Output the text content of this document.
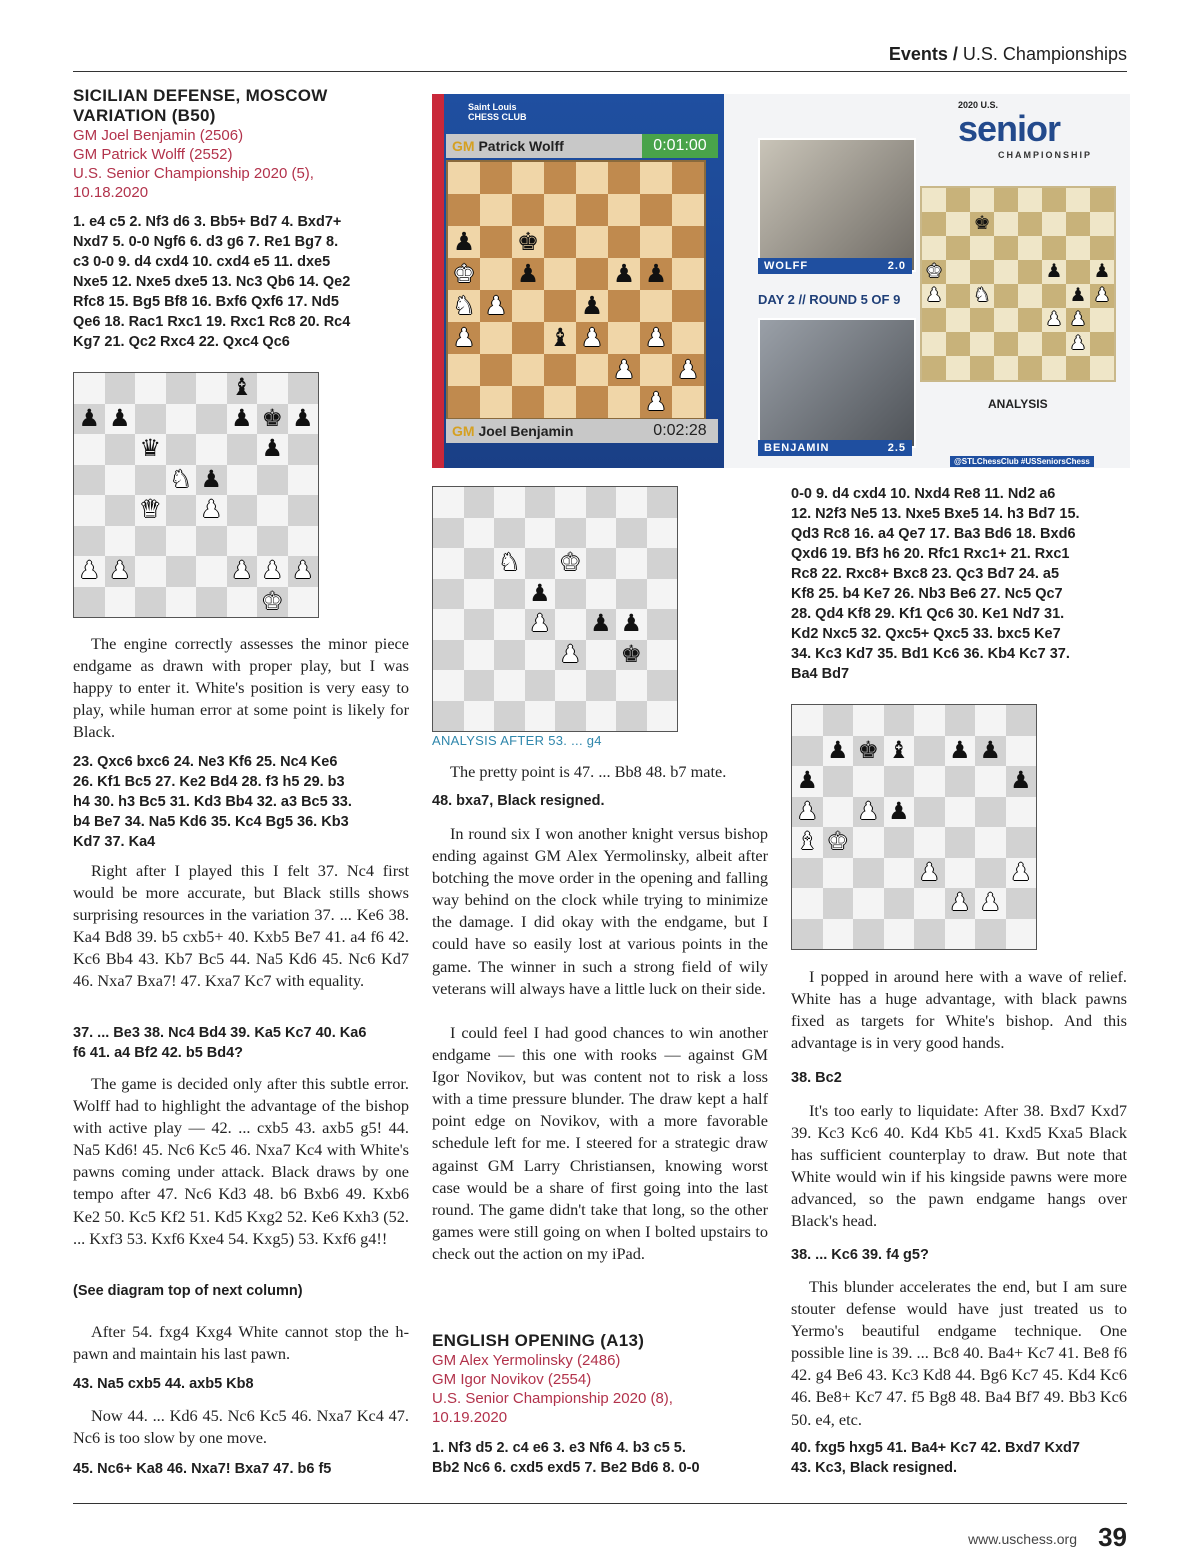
Events / U.S. Championships
SICILIAN DEFENSE, MOSCOW
VARIATION (B50)
GM Joel Benjamin (2506)
GM Patrick Wolff (2552)
U.S. Senior Championship 2020 (5),
10.18.2020
1. e4 c5 2. Nf3 d6 3. Bb5+ Bd7 4. Bxd7+
Nxd7 5. 0-0 Ngf6 6. d3 g6 7. Re1 Bg7 8.
c3 0-0 9. d4 cxd4 10. cxd4 e5 11. dxe5
Nxe5 12. Nxe5 dxe5 13. Nc3 Qb6 14. Qe2
Rfc8 15. Bg5 Bf8 16. Bxf6 Qxf6 17. Nd5
Qe6 18. Rac1 Rxc1 19. Rxc1 Rc8 20. Rc4
Kg7 21. Qc2 Rxc4 22. Qxc4 Qc6
♝
♟ ♟	♟ ♚ ♟
♛	♟
♞ ♟
♛ ♟
♟ ♟	♟ ♟ ♟
♚
The engine correctly assesses the minor piece endgame as drawn with proper play, but I was happy to enter it. White's position is very easy to play, while human error at some point is likely for Black.
23. Qxc6 bxc6 24. Ne3 Kf6 25. Nc4 Ke6
26. Kf1 Bc5 27. Ke2 Bd4 28. f3 h5 29. b3
h4 30. h3 Bc5 31. Kd3 Bb4 32. a3 Bc5 33.
b4 Be7 34. Na5 Kd6 35. Kc4 Bg5 36. Kb3
Kd7 37. Ka4
Right after I played this I felt 37. Nc4 first would be more accurate, but Black stills shows surprising resources in the variation 37. ... Ke6 38. Ka4 Bd8 39. b5 cxb5+ 40. Kxb5 Be7 41. a4 f6 42. Kc6 Bb4 43. Kb7 Bc5 44. Na5 Kd6 45. Nc6 Kd7 46. Nxa7 Bxa7! 47. Kxa7 Kc7 with equality.
37. ... Be3 38. Nc4 Bd4 39. Ka5 Kc7 40. Ka6
f6 41. a4 Bf2 42. b5 Bd4?
The game is decided only after this subtle error. Wolff had to highlight the advantage of the bishop with active play — 42. ... cxb5 43. axb5 g5! 44. Na5 Kd6! 45. Nc6 Kc5 46. Nxa7 Kc4 with White's pawns coming under attack. Black draws by one tempo after 47. Nc6 Kd3 48. b6 Bxb6 49. Kxb6 Ke2 50. Kc5 Kf2 51. Kd5 Kxg2 52. Ke6 Kxh3 (52. ... Kxf3 53. Kxf6 Kxe4 54. Kxg5) 53. Kxf6 g4!!
(See diagram top of next column)
After 54. fxg4 Kxg4 White cannot stop the h-pawn and maintain his last pawn.
43. Na5 cxb5 44. axb5 Kb8
Now 44. ... Kd6 45. Nc6 Kc5 46. Nxa7 Kc4 47. Nc6 is too slow by one move.
45. Nc6+ Ka8 46. Nxa7! Bxa7 47. b6 f5
Saint Louis CHESS CLUB
GM Patrick Wolff	0:01:00
♟ ♚
♚ ♟	♟ ♟
♞ ♟	♟
♟	♝ ♟ ♟
♟ ♟
♟
GM Joel Benjamin	0:02:28
2020 U.S.
senior
CHAMPIONSHIP
WOLFF	2.0
DAY 2 // ROUND 5 OF 9
BENJAMIN	2.5
♚
♚	♟ ♟
♟ ♞	♟ ♟
♟ ♟
♟
ANALYSIS
@STLChessClub #USSeniorsChess
♞ ♚
♟
♟ ♟ ♟
♟ ♚
ANALYSIS AFTER 53. ... g4
The pretty point is 47. ... Bb8 48. b7 mate.
48. bxa7, Black resigned.
In round six I won another knight versus bishop ending against GM Alex Yermolinsky, albeit after botching the move order in the opening and falling way behind on the clock while trying to minimize the damage. I did okay with the endgame, but I could have so easily lost at various points in the game. The winner in such a strong field of wily veterans will always have a little luck on their side.
I could feel I had good chances to win another endgame — this one with rooks — against GM Igor Novikov, but was content not to risk a loss with a time pressure blunder. The draw kept a half point edge on Novikov, with a more favorable schedule left for me. I steered for a strategic draw against GM Larry Christiansen, knowing worst case would be a share of first going into the last round. The game didn't take that long, so the other games were still going on when I bolted upstairs to check out the action on my iPad.
ENGLISH OPENING (A13)
GM Alex Yermolinsky (2486)
GM Igor Novikov (2554)
U.S. Senior Championship 2020 (8),
10.19.2020
1. Nf3 d5 2. c4 e6 3. e3 Nf6 4. b3 c5 5.
Bb2 Nc6 6. cxd5 exd5 7. Be2 Bd6 8. 0-0
0-0 9. d4 cxd4 10. Nxd4 Re8 11. Nd2 a6
12. N2f3 Ne5 13. Nxe5 Bxe5 14. h3 Bd7 15.
Qd3 Rc8 16. a4 Qe7 17. Ba3 Bd6 18. Bxd6
Qxd6 19. Bf3 h6 20. Rfc1 Rxc1+ 21. Rxc1
Rc8 22. Rxc8+ Bxc8 23. Qc3 Bd7 24. a5
Kf8 25. b4 Ke7 26. Nb3 Be6 27. Nc5 Qc7
28. Qd4 Kf8 29. Kf1 Qc6 30. Ke1 Nd7 31.
Kd2 Nxc5 32. Qxc5+ Qxc5 33. bxc5 Ke7
34. Kc3 Kd7 35. Bd1 Kc6 36. Kb4 Kc7 37.
Ba4 Bd7
♟ ♚ ♝ ♟ ♟
♟	♟
♟ ♟ ♟
♝ ♚
♟	♟
♟ ♟
I popped in around here with a wave of relief. White has a huge advantage, with black pawns fixed as targets for White's bishop. And this advantage is in very good hands.
38. Bc2
It's too early to liquidate: After 38. Bxd7 Kxd7 39. Kc3 Kc6 40. Kd4 Kb5 41. Kxd5 Kxa5 Black has sufficient counterplay to draw. But note that White would win if his kingside pawns were more advanced, so the pawn endgame hangs over Black's head.
38. ... Kc6 39. f4 g5?
This blunder accelerates the end, but I am sure stouter defense would have just treated us to Yermo's beautiful endgame technique. One possible line is 39. ... Bc8 40. Ba4+ Kc7 41. Be8 f6 42. g4 Be6 43. Kc3 Kd8 44. Bg6 Kc7 45. Kd4 Kc6 46. Be8+ Kc7 47. f5 Bg8 48. Ba4 Bf7 49. Bb3 Kc6 50. e4, etc.
40. fxg5 hxg5 41. Ba4+ Kc7 42. Bxd7 Kxd7
43. Kc3, Black resigned.
www.uschess.org 39
